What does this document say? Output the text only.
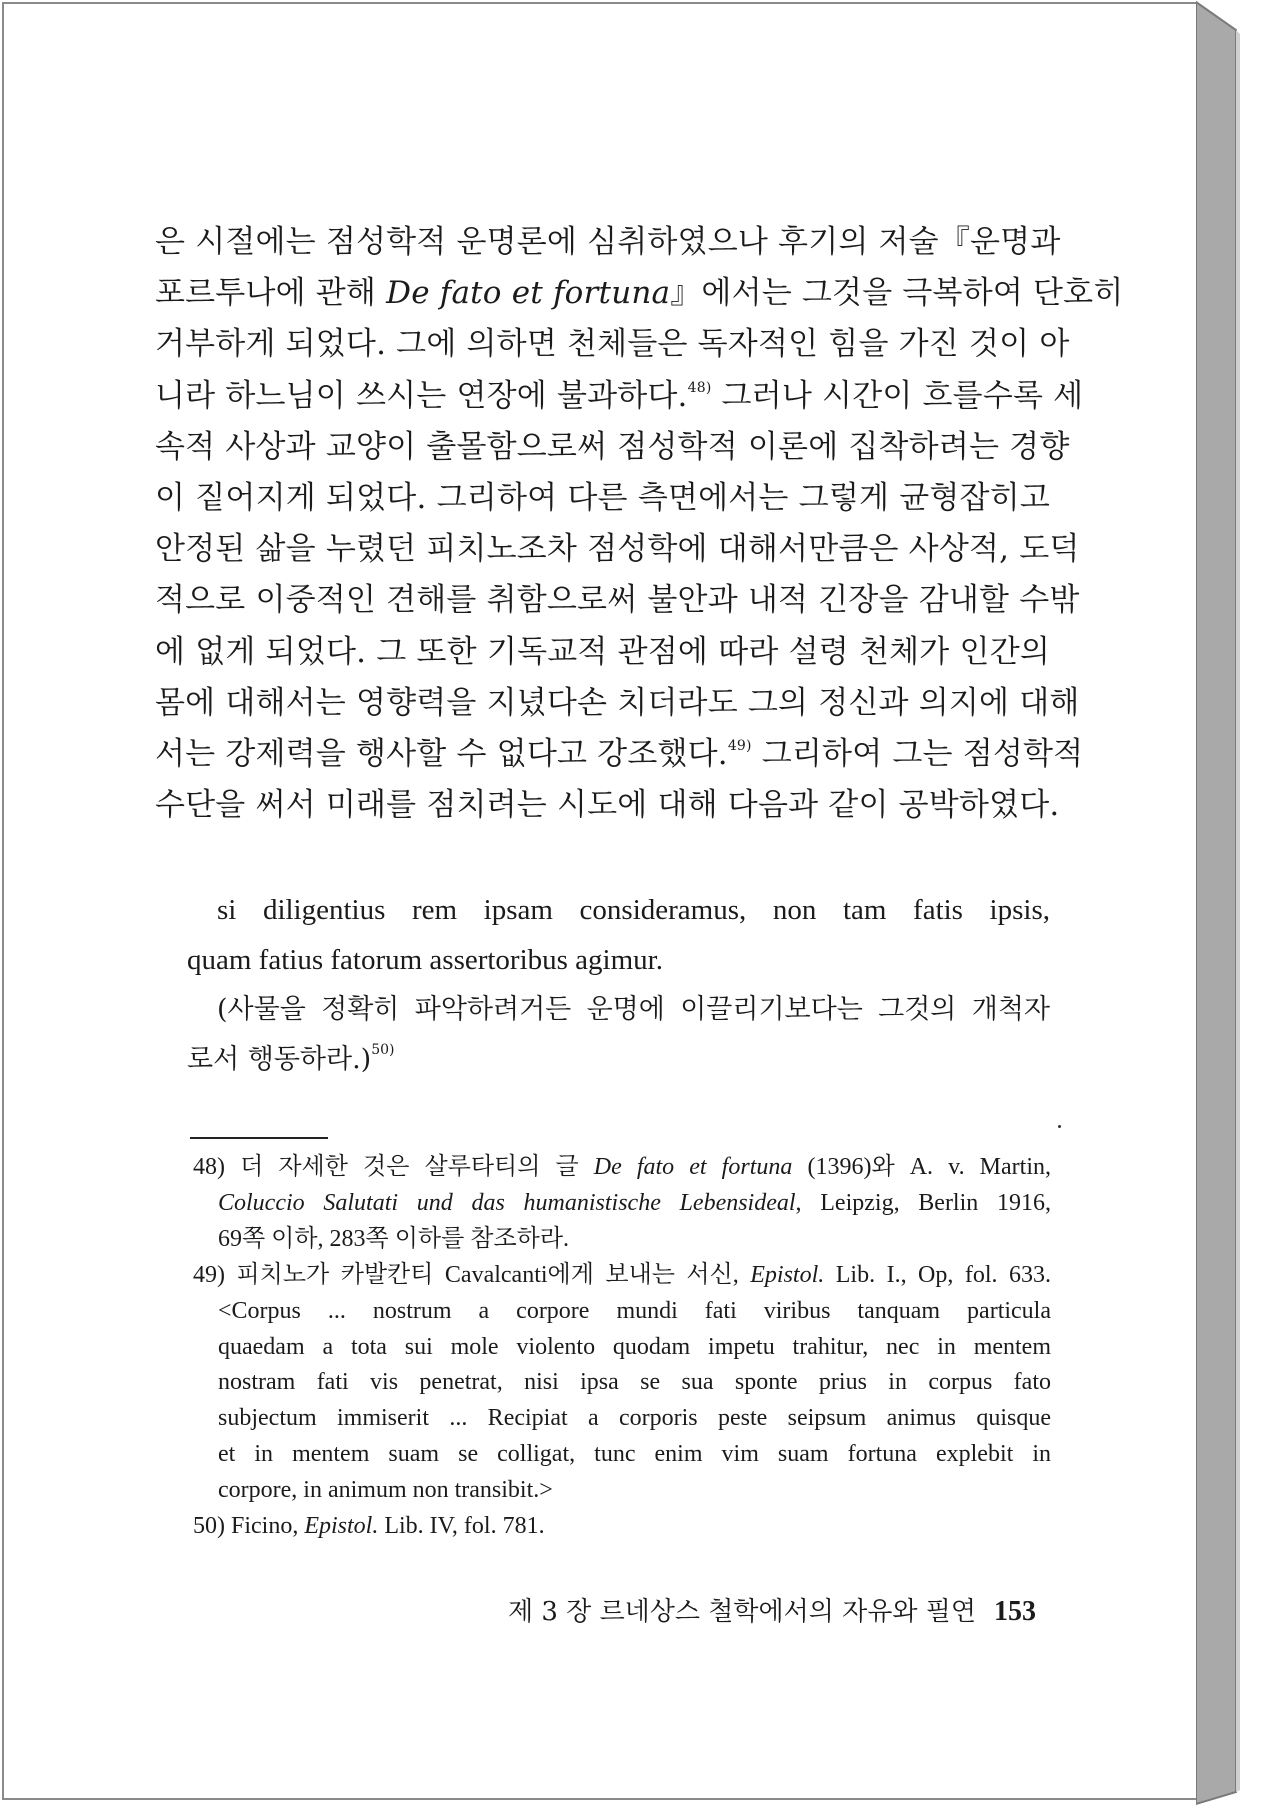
은 시절에는 점성학적 운명론에 심취하였으나 후기의 저술『운명과
포르투나에 관해 De fato et fortuna』에서는 그것을 극복하여 단호히
거부하게 되었다. 그에 의하면 천체들은 독자적인 힘을 가진 것이 아
니라 하느님이 쓰시는 연장에 불과하다.$^{48)}$ 그러나 시간이 흐를수록 세
속적 사상과 교양이 출몰함으로써 점성학적 이론에 집착하려는 경향
이 짙어지게 되었다. 그리하여 다른 측면에서는 그렇게 균형잡히고
안정된 삶을 누렸던 피치노조차 점성학에 대해서만큼은 사상적, 도덕
적으로 이중적인 견해를 취함으로써 불안과 내적 긴장을 감내할 수밖
에 없게 되었다. 그 또한 기독교적 관점에 따라 설령 천체가 인간의
몸에 대해서는 영향력을 지녔다손 치더라도 그의 정신과 의지에 대해
서는 강제력을 행사할 수 없다고 강조했다.$^{49)}$ 그리하여 그는 점성학적
수단을 써서 미래를 점치려는 시도에 대해 다음과 같이 공박하였다.
si diligentius rem ipsam consideramus, non tam fatis ipsis,
quam fatius fatorum assertoribus agimur.
(사물을 정확히 파악하려거든 운명에 이끌리기보다는 그것의 개척자
로서 행동하라.)$^{50)}$
48) 더 자세한 것은 살루타티의 글 De fato et fortuna (1396)와 A. v. Martin,
Coluccio Salutati und das humanistische Lebensideal, Leipzig, Berlin 1916,
69쪽 이하, 283쪽 이하를 참조하라.
49) 피치노가 카발칸티 Cavalcanti에게 보내는 서신, Epistol. Lib. I., Op, fol. 633.
<Corpus ... nostrum a corpore mundi fati viribus tanquam particula
quaedam a tota sui mole violento quodam impetu trahitur, nec in mentem
nostram fati vis penetrat, nisi ipsa se sua sponte prius in corpus fato
subjectum immiserit ... Recipiat a corporis peste seipsum animus quisque
et in mentem suam se colligat, tunc enim vim suam fortuna explebit in
corpore, in animum non transibit.>
50) Ficino, Epistol. Lib. IV, fol. 781.
제 3 장 르네상스 철학에서의 자유와 필연 153
